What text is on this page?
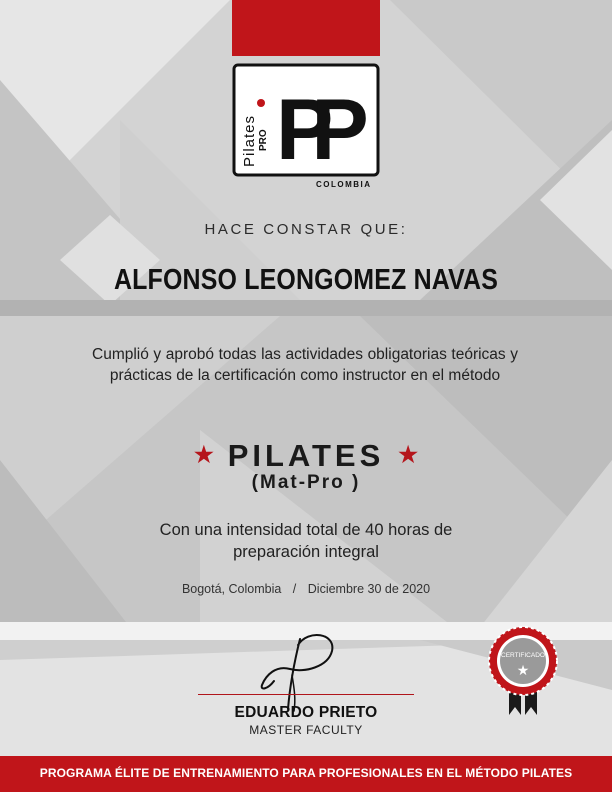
Pilates PRO PP
COLOMBIA
HACE CONSTAR QUE:
ALFONSO LEONGOMEZ NAVAS
Cumplió y aprobó todas las actividades obligatorias teóricas y prácticas de la certificación como instructor en el método
★ PILATES ★
(Mat-Pro )
Con una intensidad total de 40 horas de
preparación integral
Bogotá, Colombia / Diciembre 30 de 2020
EDUARDO PRIETO
MASTER FACULTY
CERTIFICADO
★
PROGRAMA ÉLITE DE ENTRENAMIENTO PARA PROFESIONALES EN EL MÉTODO PILATES
